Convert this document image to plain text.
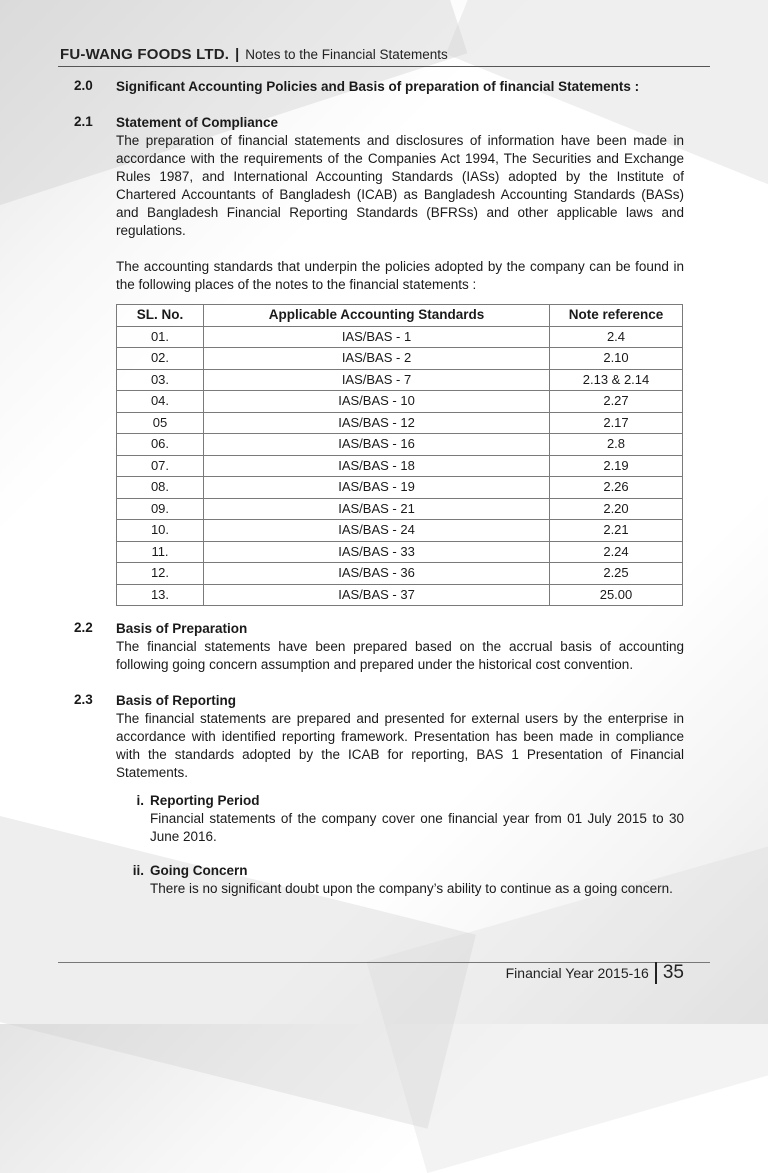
FU-WANG FOODS LTD. | Notes to the Financial Statements
2.0 Significant Accounting Policies and Basis of preparation of financial Statements :
2.1 Statement of Compliance
The preparation of financial statements and disclosures of information have been made in accordance with the requirements of the Companies Act 1994, The Securities and Exchange Rules 1987, and International Accounting Standards (IASs) adopted by the Institute of Chartered Accountants of Bangladesh (ICAB) as Bangladesh Accounting Standards (BASs) and Bangladesh Financial Reporting Standards (BFRSs) and other applicable laws and regulations.
The accounting standards that underpin the policies adopted by the company can be found in the following places of the notes to the financial statements :
SL. No.	Applicable Accounting Standards	Note reference
01.	IAS/BAS - 1	2.4
02.	IAS/BAS - 2	2.10
03.	IAS/BAS - 7	2.13 & 2.14
04.	IAS/BAS - 10	2.27
05	IAS/BAS - 12	2.17
06.	IAS/BAS - 16	2.8
07.	IAS/BAS - 18	2.19
08.	IAS/BAS - 19	2.26
09.	IAS/BAS - 21	2.20
10.	IAS/BAS - 24	2.21
11.	IAS/BAS - 33	2.24
12.	IAS/BAS - 36	2.25
13.	IAS/BAS - 37	25.00
2.2 Basis of Preparation
The financial statements have been prepared based on the accrual basis of accounting following going concern assumption and prepared under the historical cost convention.
2.3 Basis of Reporting
The financial statements are prepared and presented for external users by the enterprise in accordance with identified reporting framework. Presentation has been made in compliance with the standards adopted by the ICAB for reporting, BAS 1 Presentation of Financial Statements.
i. Reporting Period
Financial statements of the company cover one financial year from 01 July 2015 to 30 June 2016.
ii. Going Concern
There is no significant doubt upon the company’s ability to continue as a going concern.
Financial Year 2015-16 35
